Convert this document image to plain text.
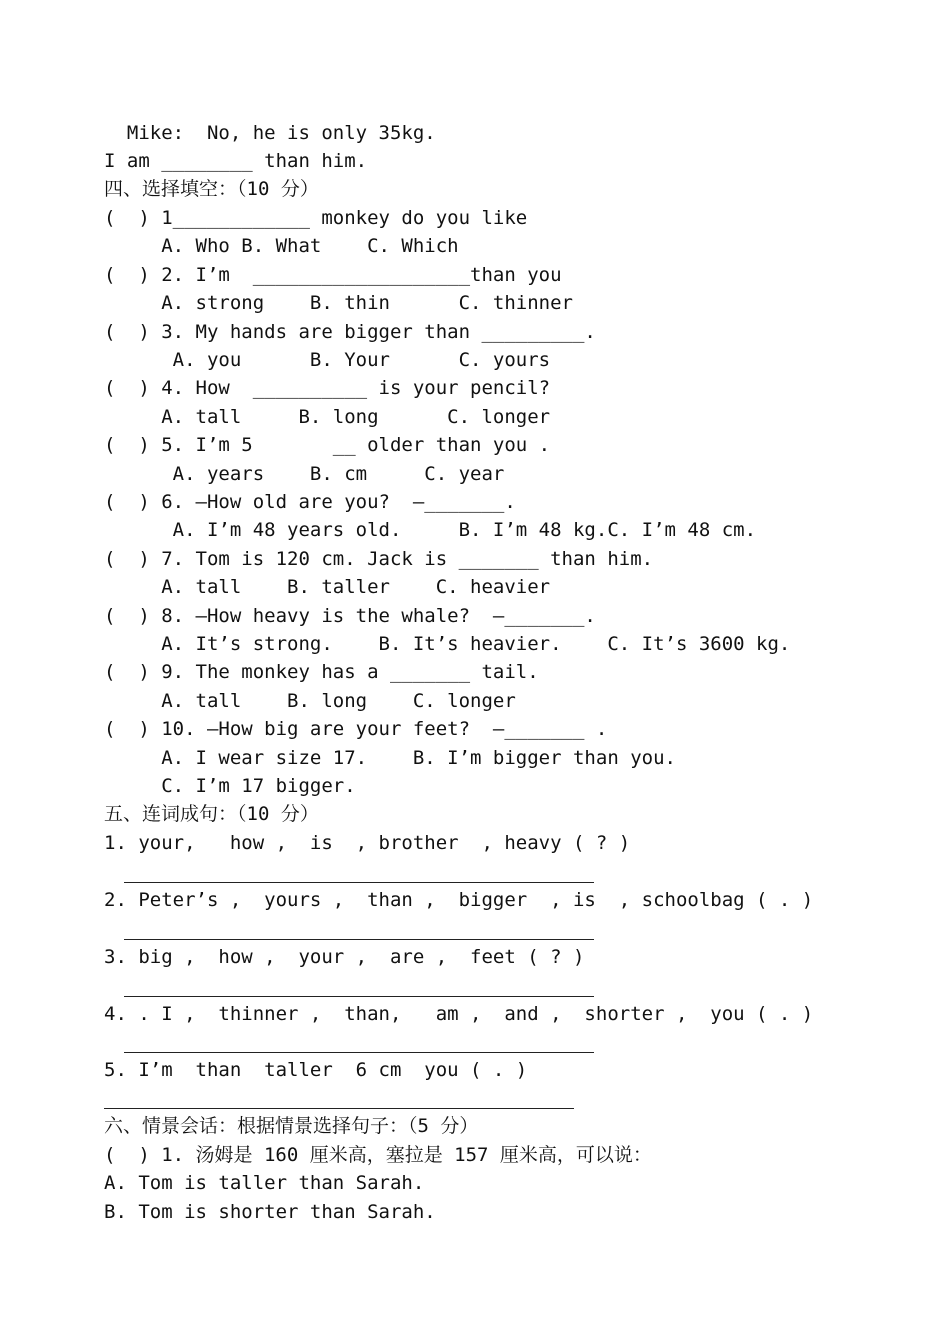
Mike:  No, he is only 35kg.
I am ________ than him.
四、选择填空：（10 分）
(  ) 1____________ monkey do you like
A. Who B. What    C. Which
(  ) 2. I’m  ___________________than you
A. strong    B. thin      C. thinner
(  ) 3. My hands are bigger than _________.
A. you      B. Your      C. yours
(  ) 4. How  __________ is your pencil?
A. tall     B. long      C. longer
(  ) 5. I’m 5       __ older than you .
A. years    B. cm     C. year
(  ) 6. —How old are you?  —_______.
A. I’m 48 years old.     B. I’m 48 kg.C. I’m 48 cm.
(  ) 7. Tom is 120 cm. Jack is _______ than him.
A. tall    B. taller    C. heavier
(  ) 8. —How heavy is the whale?  —_______.
A. It’s strong.    B. It’s heavier.    C. It’s 3600 kg.
(  ) 9. The monkey has a _______ tail.
A. tall    B. long    C. longer
(  ) 10. —How big are your feet?  —_______ .
A. I wear size 17.    B. I’m bigger than you.
C. I’m 17 bigger.
五、连词成句：（10 分）
1. your,   how ,  is  , brother  , heavy ( ? )
2. Peter’s ,  yours ,  than ,  bigger  , is  , schoolbag ( . )
3. big ,  how ,  your ,  are ,  feet ( ? )
4. . I ,  thinner ,  than,   am ,  and ,  shorter ,  you ( . )
5. I’m  than  taller  6 cm  you ( . )
六、情景会话：根据情景选择句子：（5 分）
(  ) 1. 汤姆是 160 厘米高，塞拉是 157 厘米高，可以说：
A. Tom is taller than Sarah.
B. Tom is shorter than Sarah.
